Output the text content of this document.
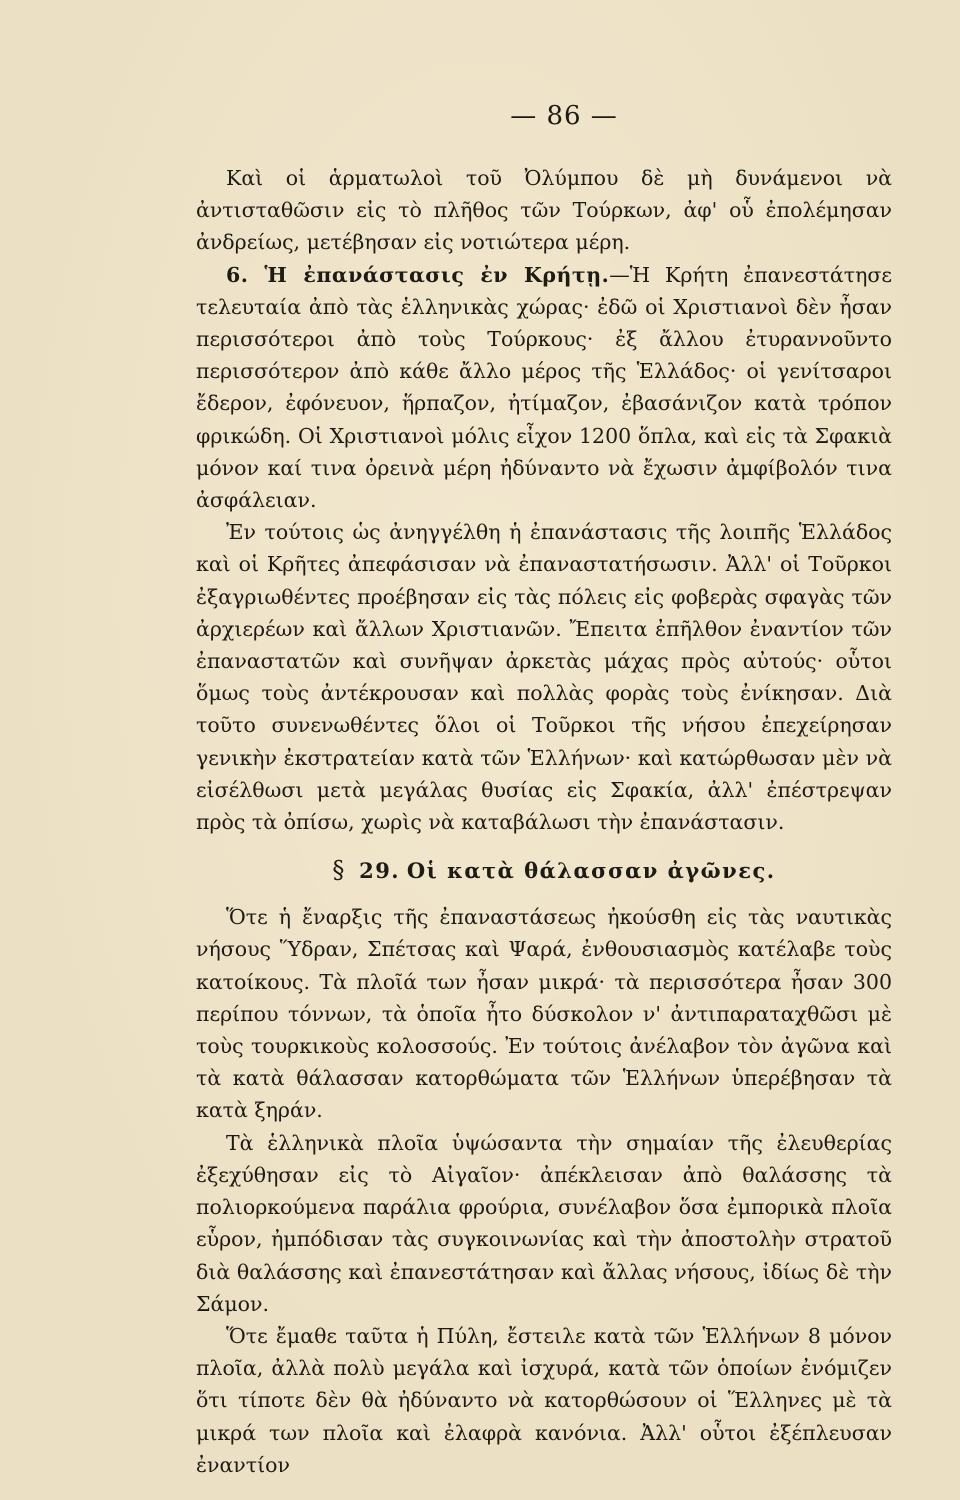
— 86 —

Καὶ οἱ ἁρματωλοὶ τοῦ Ὀλύμπου δὲ μὴ δυνάμενοι νὰ ἀντισταθῶσιν εἰς τὸ πλῆθος τῶν Τούρκων, ἀφ' οὗ ἐπολέμησαν ἀνδρείως, μετέβησαν εἰς νοτιώτερα μέρη.

6. Ἡ ἐπανάστασις ἐν Κρήτῃ.—Ἡ Κρήτη ἐπανεστάτησε τελευταία ἀπὸ τὰς ἑλληνικὰς χώρας· ἐδῶ οἱ Χριστιανοὶ δὲν ἦσαν περισσότεροι ἀπὸ τοὺς Τούρκους· ἐξ ἄλλου ἐτυραννοῦντο περισσότερον ἀπὸ κάθε ἄλλο μέρος τῆς Ἑλλάδος· οἱ γενίτσαροι ἔδερον, ἐφόνευον, ἥρπαζον, ἠτίμαζον, ἐβασάνιζον κατὰ τρόπον φρικώδη. Οἱ Χριστιανοὶ μόλις εἶχον 1200 ὅπλα, καὶ εἰς τὰ Σφακιὰ μόνον καί τινα ὀρεινὰ μέρη ἠδύναντο νὰ ἔχωσιν ἀμφίβολόν τινα ἀσφάλειαν.

Ἐν τούτοις ὡς ἀνηγγέλθη ἡ ἐπανάστασις τῆς λοιπῆς Ἑλλάδος καὶ οἱ Κρῆτες ἀπεφάσισαν νὰ ἐπαναστατήσωσιν. Ἀλλ' οἱ Τοῦρκοι ἐξαγριωθέντες προέβησαν εἰς τὰς πόλεις εἰς φοβερὰς σφαγὰς τῶν ἀρχιερέων καὶ ἄλλων Χριστιανῶν. Ἔπειτα ἐπῆλθον ἐναντίον τῶν ἐπαναστατῶν καὶ συνῆψαν ἀρκετὰς μάχας πρὸς αὐτούς· οὗτοι ὅμως τοὺς ἀντέκρουσαν καὶ πολλὰς φορὰς τοὺς ἐνίκησαν. Διὰ τοῦτο συνενωθέντες ὅλοι οἱ Τοῦρκοι τῆς νήσου ἐπεχείρησαν γενικὴν ἐκστρατείαν κατὰ τῶν Ἑλλήνων· καὶ κατώρθωσαν μὲν νὰ εἰσέλθωσι μετὰ μεγάλας θυσίας εἰς Σφακία, ἀλλ' ἐπέστρεψαν πρὸς τὰ ὀπίσω, χωρὶς νὰ καταβάλωσι τὴν ἐπανάστασιν.

§ 29. Οἱ κατὰ θάλασσαν ἀγῶνες.

Ὅτε ἡ ἔναρξις τῆς ἐπαναστάσεως ἠκούσθη εἰς τὰς ναυτικὰς νήσους Ὕδραν, Σπέτσας καὶ Ψαρά, ἐνθουσιασμὸς κατέλαβε τοὺς κατοίκους. Τὰ πλοῖά των ἦσαν μικρά· τὰ περισσότερα ἦσαν 300 περίπου τόννων, τὰ ὁποῖα ἦτο δύσκολον ν' ἀντιπαραταχθῶσι μὲ τοὺς τουρκικοὺς κολοσσούς. Ἐν τούτοις ἀνέλαβον τὸν ἀγῶνα καὶ τὰ κατὰ θάλασσαν κατορθώματα τῶν Ἑλλήνων ὑπερέβησαν τὰ κατὰ ξηράν.

Τὰ ἑλληνικὰ πλοῖα ὑψώσαντα τὴν σημαίαν τῆς ἐλευθερίας ἐξεχύθησαν εἰς τὸ Αἰγαῖον· ἀπέκλεισαν ἀπὸ θαλάσσης τὰ πολιορκούμενα παράλια φρούρια, συνέλαβον ὅσα ἐμπορικὰ πλοῖα εὗρον, ἠμπόδισαν τὰς συγκοινωνίας καὶ τὴν ἀποστολὴν στρατοῦ διὰ θαλάσσης καὶ ἐπανεστάτησαν καὶ ἄλλας νήσους, ἰδίως δὲ τὴν Σάμον.

Ὅτε ἔμαθε ταῦτα ἡ Πύλη, ἔστειλε κατὰ τῶν Ἑλλήνων 8 μόνον πλοῖα, ἀλλὰ πολὺ μεγάλα καὶ ἰσχυρά, κατὰ τῶν ὁποίων ἐνόμιζεν ὅτι τίποτε δὲν θὰ ἠδύναντο νὰ κατορθώσουν οἱ Ἕλληνες μὲ τὰ μικρά των πλοῖα καὶ ἐλαφρὰ κανόνια. Ἀλλ' οὗτοι ἐξέπλευσαν ἐναντίον
